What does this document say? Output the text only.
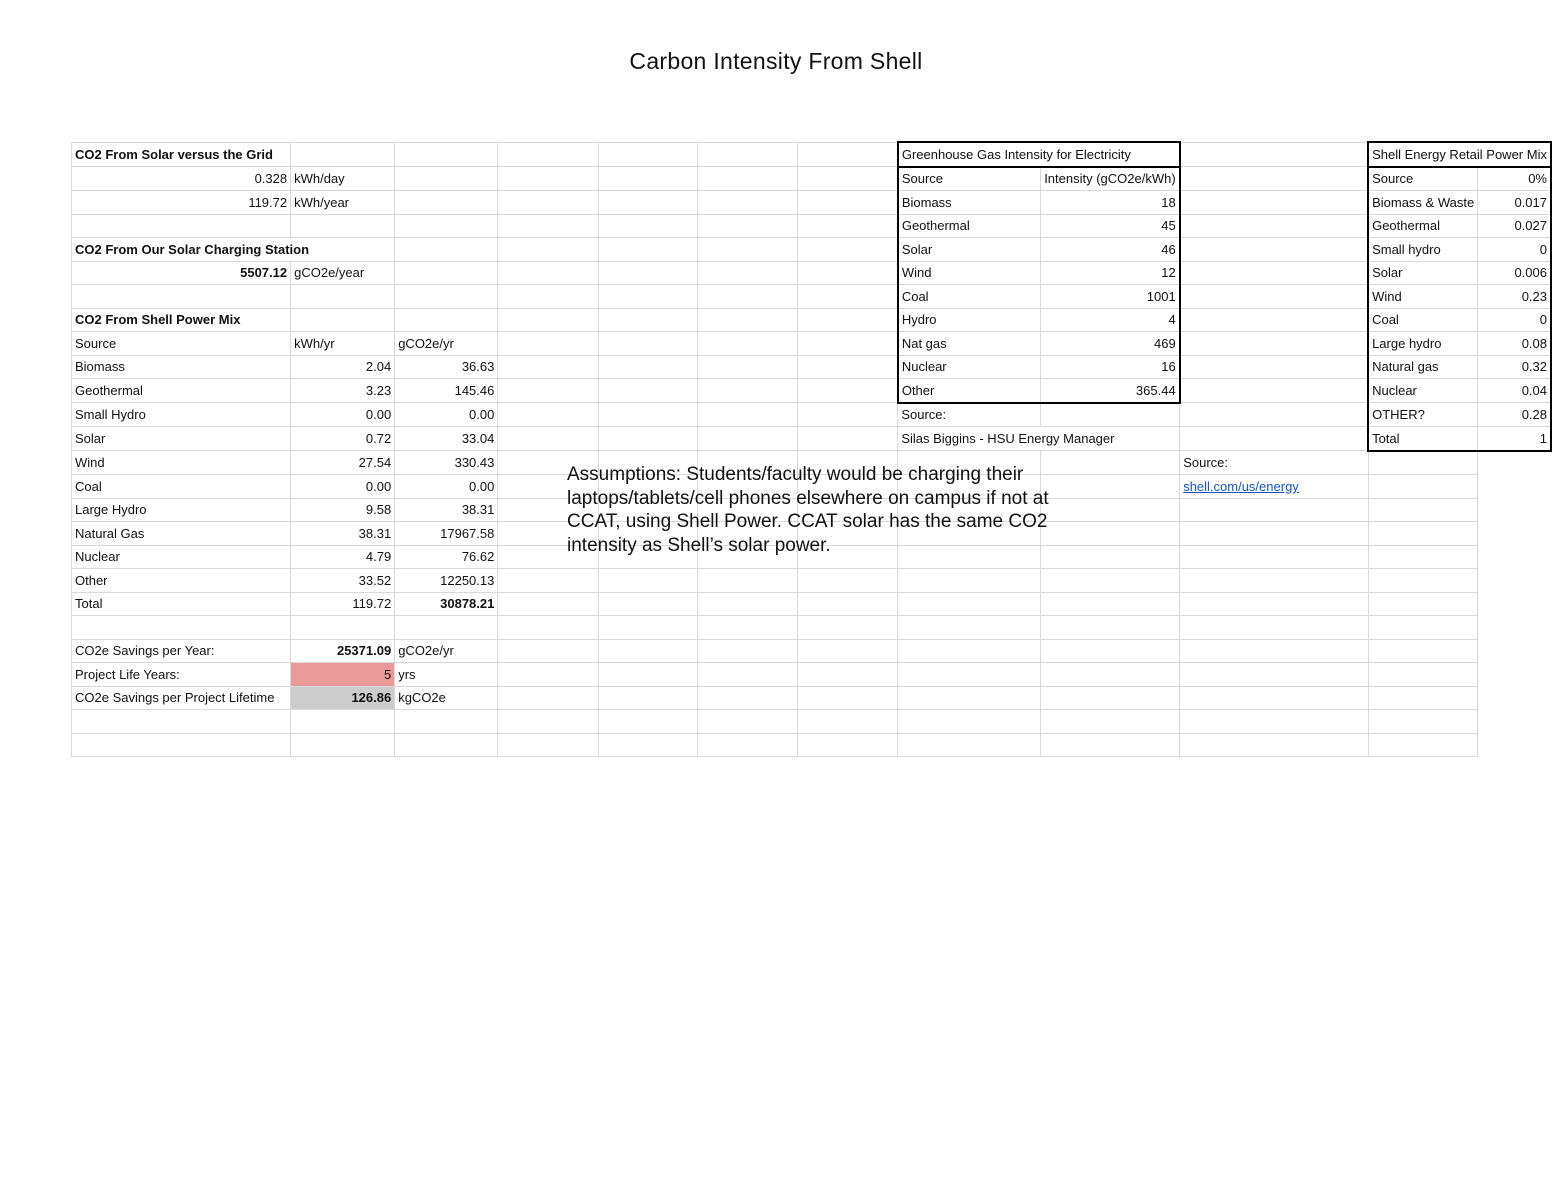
Carbon Intensity From Shell
CO2 From Solar versus the Grid							Greenhouse Gas Intensity for Electricity			Shell Energy Retail Power Mix	
0.328	kWh/day						Source	Intensity (gCO2e/kWh)		Source	0%
119.72	kWh/year						Biomass	18		Biomass & Waste	0.017
							Geothermal	45		Geothermal	0.027
CO2 From Our Solar Charging Station							Solar	46		Small hydro	0
5507.12	gCO2e/year						Wind	12		Solar	0.006
							Coal	1001		Wind	0.23
CO2 From Shell Power Mix							Hydro	4		Coal	0
Source	kWh/yr	gCO2e/yr					Nat gas	469		Large hydro	0.08
Biomass	2.04	36.63					Nuclear	16		Natural gas	0.32
Geothermal	3.23	145.46					Other	365.44		Nuclear	0.04
Small Hydro	0.00	0.00					Source:			OTHER?	0.28
Solar	0.72	33.04					Silas Biggins - HSU Energy Manager			Total	1
Wind	27.54	330.43							Source:		
Coal	0.00	0.00							shell.com/us/energy		
Large Hydro	9.58	38.31									
Natural Gas	38.31	17967.58									
Nuclear	4.79	76.62									
Other	33.52	12250.13									
Total	119.72	30878.21									

CO2e Savings per Year:	25371.09	gCO2e/yr									
Project Life Years:	5	yrs									
CO2e Savings per Project Lifetime	126.86	kgCO2e									

Assumptions: Students/faculty would be charging their laptops/tablets/cell phones elsewhere on campus if not at CCAT, using Shell Power. CCAT solar has the same CO2 intensity as Shell’s solar power.
